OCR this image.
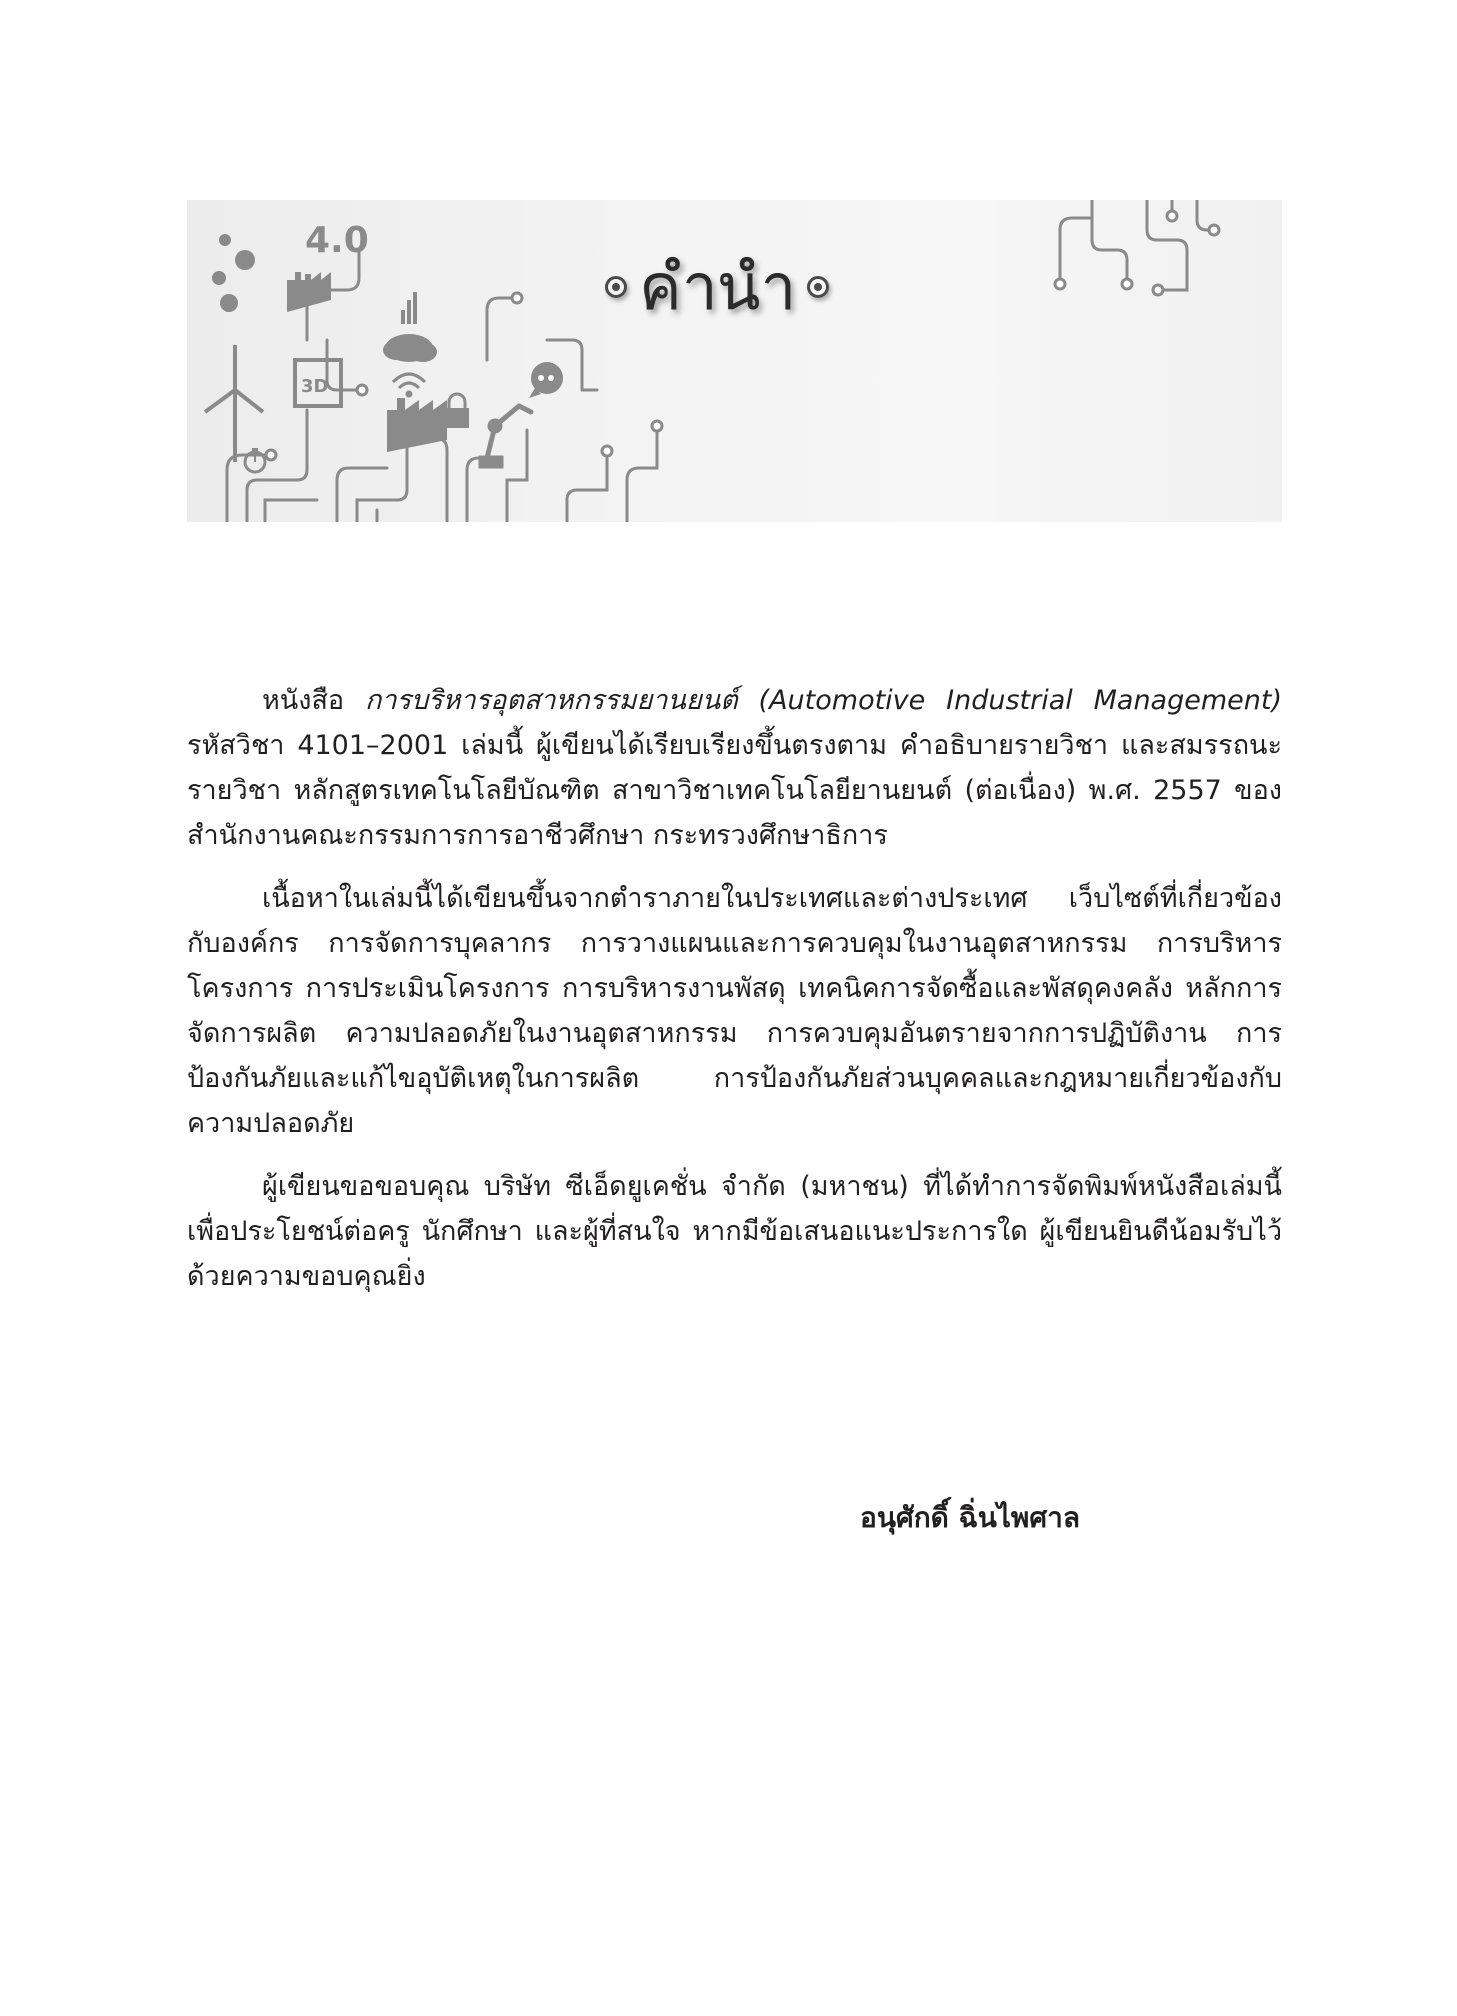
4.0
3D
คำนำ

หนังสือ การบริหารอุตสาหกรรมยานยนต์ (Automotive Industrial Management) รหัสวิชา 4101–2001 เล่มนี้ ผู้เขียนได้เรียบเรียงขึ้นตรงตาม คำอธิบายรายวิชา และสมรรถนะรายวิชา หลักสูตรเทคโนโลยีบัณฑิต สาขาวิชาเทคโนโลยียานยนต์ (ต่อเนื่อง) พ.ศ. 2557 ของสำนักงานคณะกรรมการการอาชีวศึกษา กระทรวงศึกษาธิการ

เนื้อหาในเล่มนี้ได้เขียนขึ้นจากตำราภายในประเทศและต่างประเทศ เว็บไซต์ที่เกี่ยวข้องกับองค์กร การจัดการบุคลากร การวางแผนและการควบคุมในงานอุตสาหกรรม การบริหารโครงการ การประเมินโครงการ การบริหารงานพัสดุ เทคนิคการจัดซื้อและพัสดุคงคลัง หลักการจัดการผลิต ความปลอดภัยในงานอุตสาหกรรม การควบคุมอันตรายจากการปฏิบัติงาน การป้องกันภัยและแก้ไขอุบัติเหตุในการผลิต การป้องกันภัยส่วนบุคคลและกฎหมายเกี่ยวข้องกับความปลอดภัย

ผู้เขียนขอขอบคุณ บริษัท ซีเอ็ดยูเคชั่น จำกัด (มหาชน) ที่ได้ทำการจัดพิมพ์หนังสือเล่มนี้ เพื่อประโยชน์ต่อครู นักศึกษา และผู้ที่สนใจ หากมีข้อเสนอแนะประการใด ผู้เขียนยินดีน้อมรับไว้ด้วยความขอบคุณยิ่ง

อนุศักดิ์ ฉิ่นไพศาล
